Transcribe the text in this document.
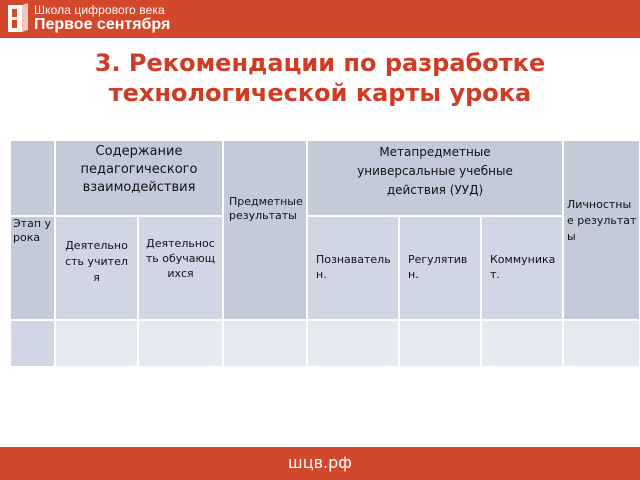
Школа цифрового века
Первое сентября
3. Рекомендации по разработке технологической карты урока
Этап урока
Содержание педагогического взаимодействия
Деятельность учителя
Деятельность обучающихся
Предметные результаты
Метапредметные универсальные учебные действия (УУД)
Познавательн.
Регулятивн.
Коммуникат.
Личностные результаты
шцв.рф
